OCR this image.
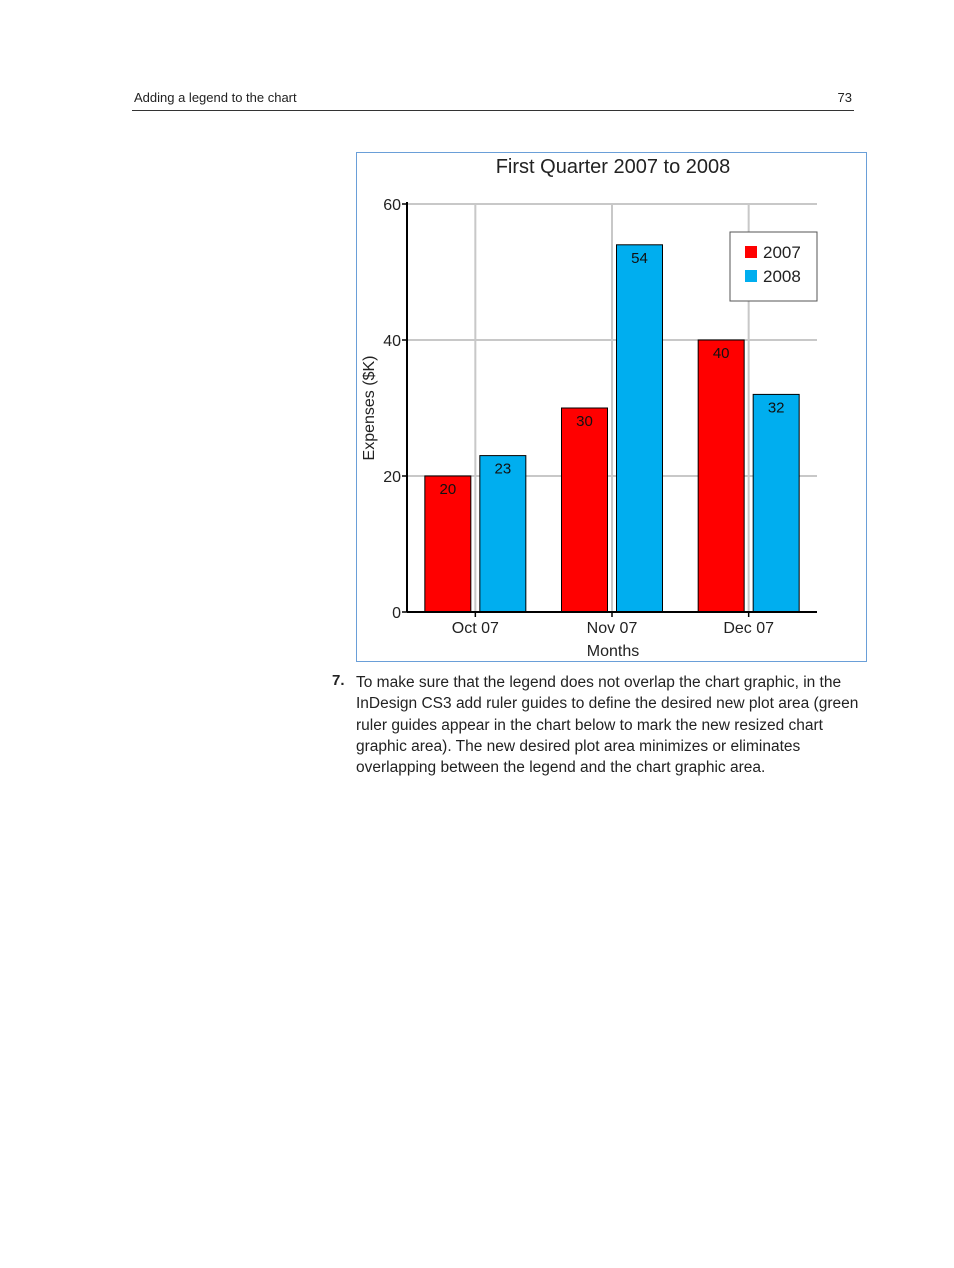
Adding a legend to the chart	73
First Quarter 2007 to 2008
20
23
30
54
40
32
0
20
40
60
Oct 07	Nov 07	Dec 07
Months
Expenses ($K)
2007
2008
7. To make sure that the legend does not overlap the chart graphic, in the InDesign CS3 add ruler guides to define the desired new plot area (green ruler guides appear in the chart below to mark the new resized chart graphic area). The new desired plot area minimizes or eliminates overlapping between the legend and the chart graphic area.
